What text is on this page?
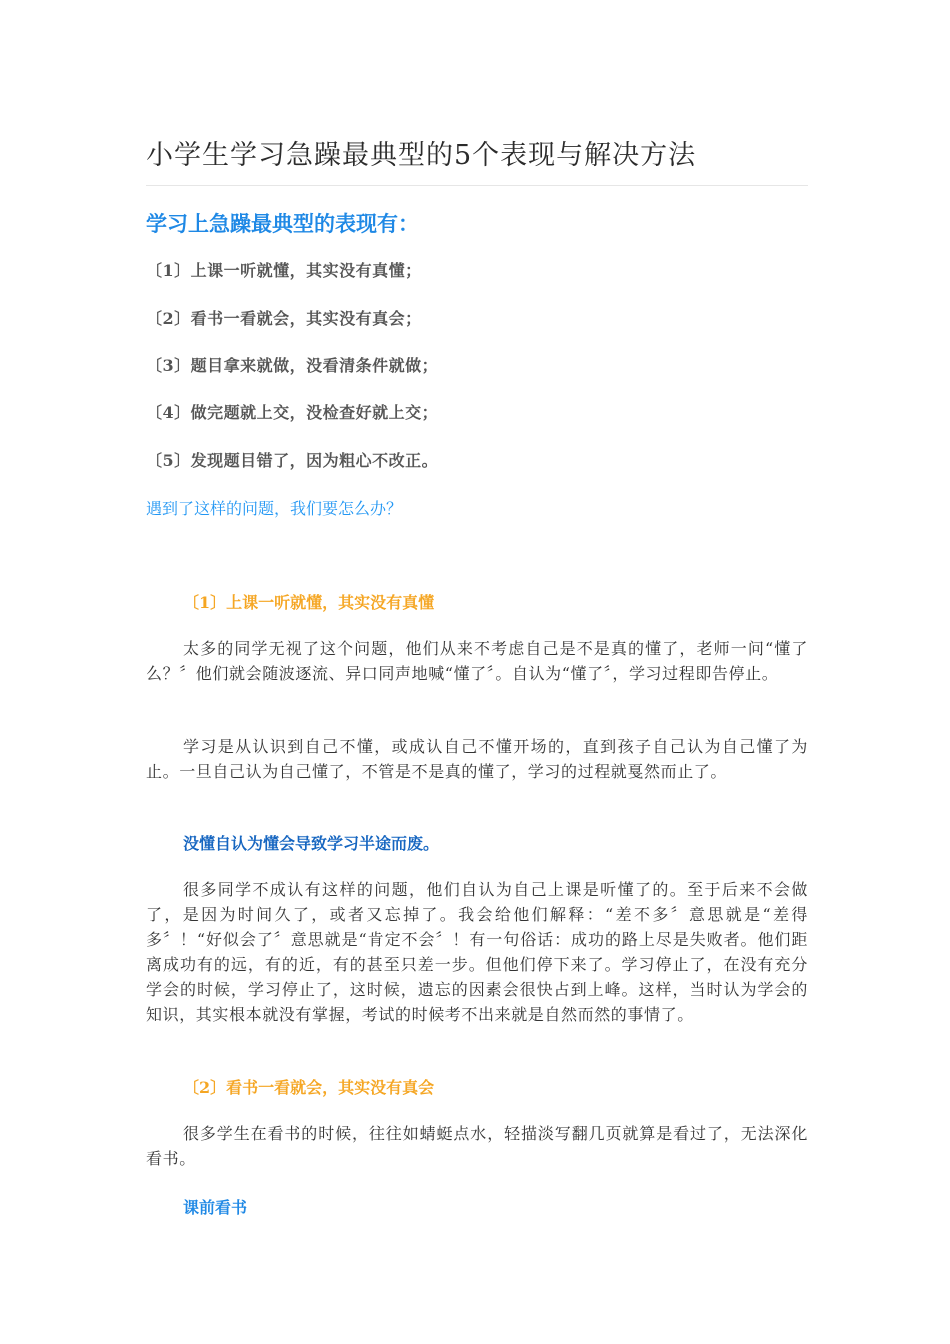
小学生学习急躁最典型的5个表现与解决方法
学习上急躁最典型的表现有：
〔1〕上课一听就懂，其实没有真懂；
〔2〕看书一看就会，其实没有真会；
〔3〕题目拿来就做，没看清条件就做；
〔4〕做完题就上交，没检查好就上交；
〔5〕发现题目错了，因为粗心不改正。
遇到了这样的问题，我们要怎么办？
〔1〕上课一听就懂，其实没有真懂

太多的同学无视了这个问题，他们从来不考虑自己是不是真的懂了，老师一问“懂了么？〞他们就会随波逐流、异口同声地喊“懂了〞。自认为“懂了〞，学习过程即告停止。

学习是从认识到自己不懂，或成认自己不懂开场的，直到孩子自己认为自己懂了为止。一旦自己认为自己懂了，不管是不是真的懂了，学习的过程就戛然而止了。

没懂自认为懂会导致学习半途而废。

很多同学不成认有这样的问题，他们自认为自己上课是听懂了的。至于后来不会做了，是因为时间久了，或者又忘掉了。我会给他们解释：“差不多〞意思就是“差得多〞！“好似会了〞意思就是“肯定不会〞！有一句俗话：成功的路上尽是失败者。他们距离成功有的远，有的近，有的甚至只差一步。但他们停下来了。学习停止了，在没有充分学会的时候，学习停止了，这时候，遗忘的因素会很快占到上峰。这样，当时认为学会的知识，其实根本就没有掌握，考试的时候考不出来就是自然而然的事情了。

〔2〕看书一看就会，其实没有真会

很多学生在看书的时候，往往如蜻蜓点水，轻描淡写翻几页就算是看过了，无法深化看书。

课前看书
